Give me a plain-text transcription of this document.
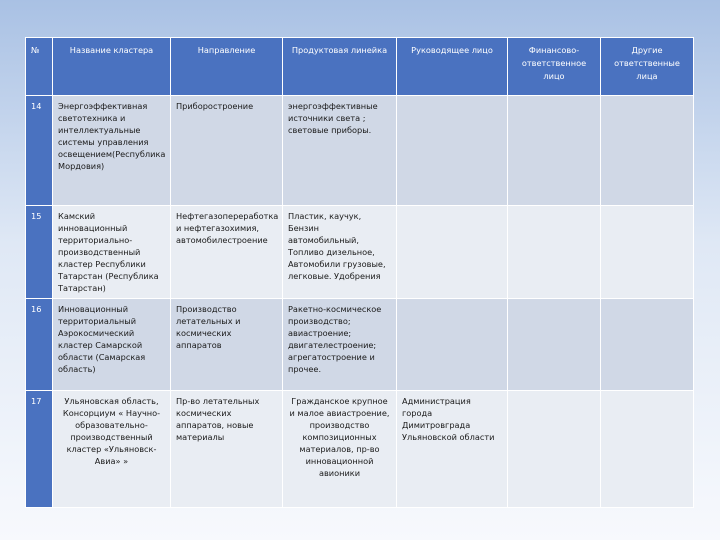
№	Название кластера	Направление	Продуктовая линейка	Руководящее лицо	Финансово-ответственное лицо	Другие ответственные лица
14	Энергоэффективная светотехника и интеллектуальные системы управления освещением(Республика Мордовия)	Приборостроение	энергоэффективные источники света ; световые приборы.			
15	Камский инновационный территориально-производственный кластер Республики Татарстан (Республика Татарстан)	Нефтегазопереработка и нефтегазохимия, автомобилестроение	Пластик, каучук, Бензин автомобильный, Топливо дизельное, Автомобили грузовые, легковые. Удобрения			
16	Инновационный территориальный Аэрокосмический кластер Самарской области (Самарская область)	Производство летательных и космических аппаратов	Ракетно-космическое производство; авиастроение; двигателестроение; агрегатостроение и прочее.			
17	Ульяновская область, Консорциум « Научно-образовательно-производственный кластер «Ульяновск-Авиа» »	Пр-во летательных космических аппаратов, новые материалы	Гражданское крупное и малое авиастроение, производство композиционных материалов, пр-во инновационной авионики	Администрация города Димитровграда Ульяновской области		
